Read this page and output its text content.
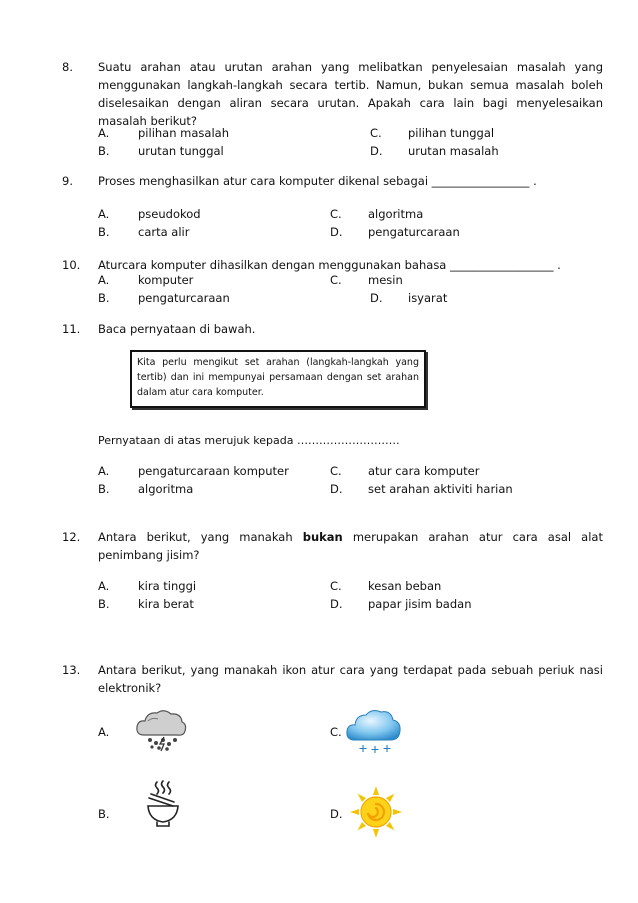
8. Suatu arahan atau urutan arahan yang melibatkan penyelesaian masalah yang menggunakan langkah-langkah secara tertib. Namun, bukan semua masalah boleh diselesaikan dengan aliran secara urutan. Apakah cara lain bagi menyelesaikan masalah berikut?
A. pilihan masalah
B. urutan tunggal
C. pilihan tunggal
D. urutan masalah
9. Proses menghasilkan atur cara komputer dikenal sebagai _________________ .
A. pseudokod
B. carta alir
C. algoritma
D. pengaturcaraan
10. Aturcara komputer dihasilkan dengan menggunakan bahasa __________________ .
A. komputer
B. pengaturcaraan
C. mesin
D. isyarat
11. Baca pernyataan di bawah.
Kita perlu mengikut set arahan (langkah-langkah yang tertib) dan ini mempunyai persamaan dengan set arahan dalam atur cara komputer.
Pernyataan di atas merujuk kepada ……………………….
A. pengaturcaraan komputer
B. algoritma
C. atur cara komputer
D. set arahan aktiviti harian
12. Antara berikut, yang manakah bukan merupakan arahan atur cara asal alat penimbang jisim?
A. kira tinggi
B. kira berat
C. kesan beban
D. papar jisim badan
13. Antara berikut, yang manakah ikon atur cara yang terdapat pada sebuah periuk nasi elektronik?
A.	C.
B.	D.
